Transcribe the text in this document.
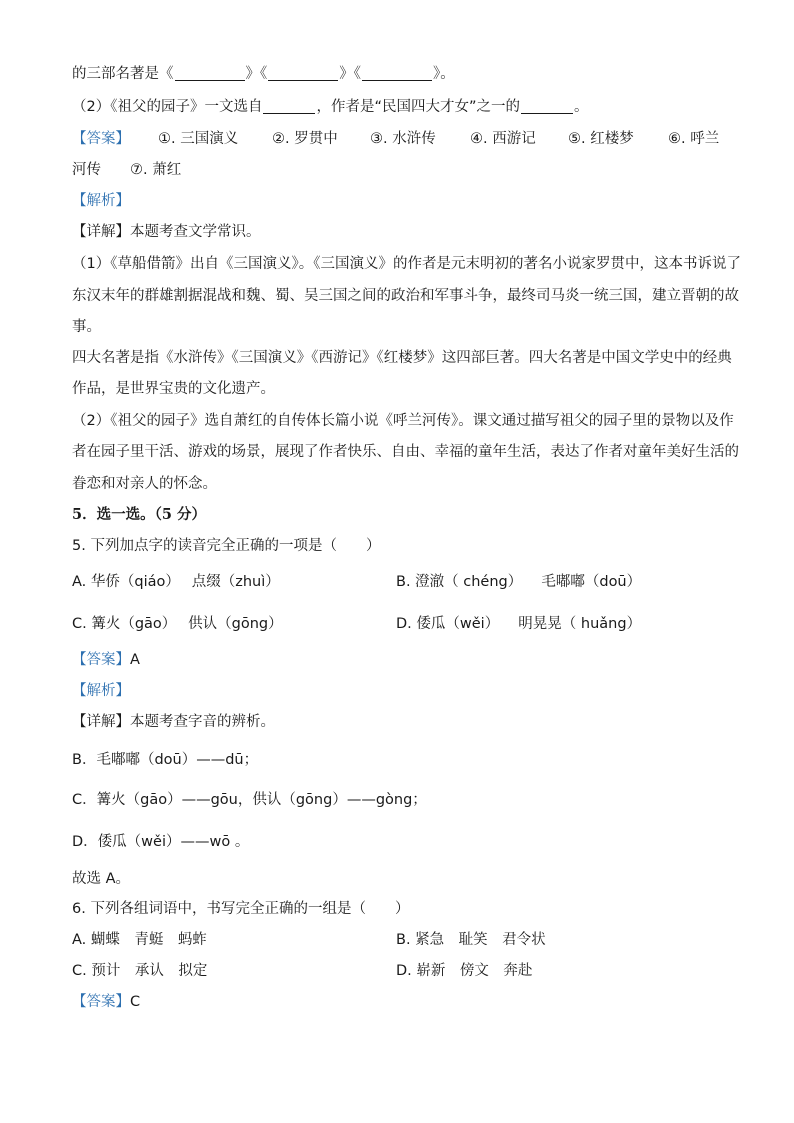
的三部名著是《	》《	》《	》。
（2）《祖父的园子》一文选自	，作者是“民国四大才女”之一的	。
【答案】 ①. 三国演义 ②. 罗贯中 ③. 水浒传 ④. 西游记 ⑤. 红楼梦 ⑥. 呼兰
河传 ⑦. 萧红
【解析】
【详解】本题考查文学常识。
（1）《草船借箭》出自《三国演义》。《三国演义》的作者是元末明初的著名小说家罗贯中，这本书诉说了
东汉末年的群雄割据混战和魏、蜀、吴三国之间的政治和军事斗争，最终司马炎一统三国，建立晋朝的故
事。
四大名著是指《水浒传》《三国演义》《西游记》《红楼梦》这四部巨著。四大名著是中国文学史中的经典
作品，是世界宝贵的文化遗产。
（2）《祖父的园子》选自萧红的自传体长篇小说《呼兰河传》。课文通过描写祖父的园子里的景物以及作
者在园子里干活、游戏的场景，展现了作者快乐、自由、幸福的童年生活，表达了作者对童年美好生活的
眷恋和对亲人的怀念。
5．选一选。（5 分）
5. 下列加点字的读音完全正确的一项是（　　）
A. 华侨（qiáo）　 点缀（zhuì）	B. 澄澈（ chéng） 　毛嘟嘟（doū）
C. 篝火（gāo）　 供认（gōng）	D. 倭瓜（wěi） 　明晃晃（ huǎng）
【答案】A
【解析】
【详解】本题考查字音的辨析。
B．毛嘟嘟（doū）——dū；
C．篝火（gāo）——gōu，供认（gōng）——gòng；
D．倭瓜（wěi）——wō 。
故选 A。
6. 下列各组词语中，书写完全正确的一组是（　　）
A. 蝴蝶　青蜓　蚂蚱	B. 紧急　耻笑　君令状
C. 预计　承认　拟定	D. 崭新　傍文　奔赴
【答案】C
